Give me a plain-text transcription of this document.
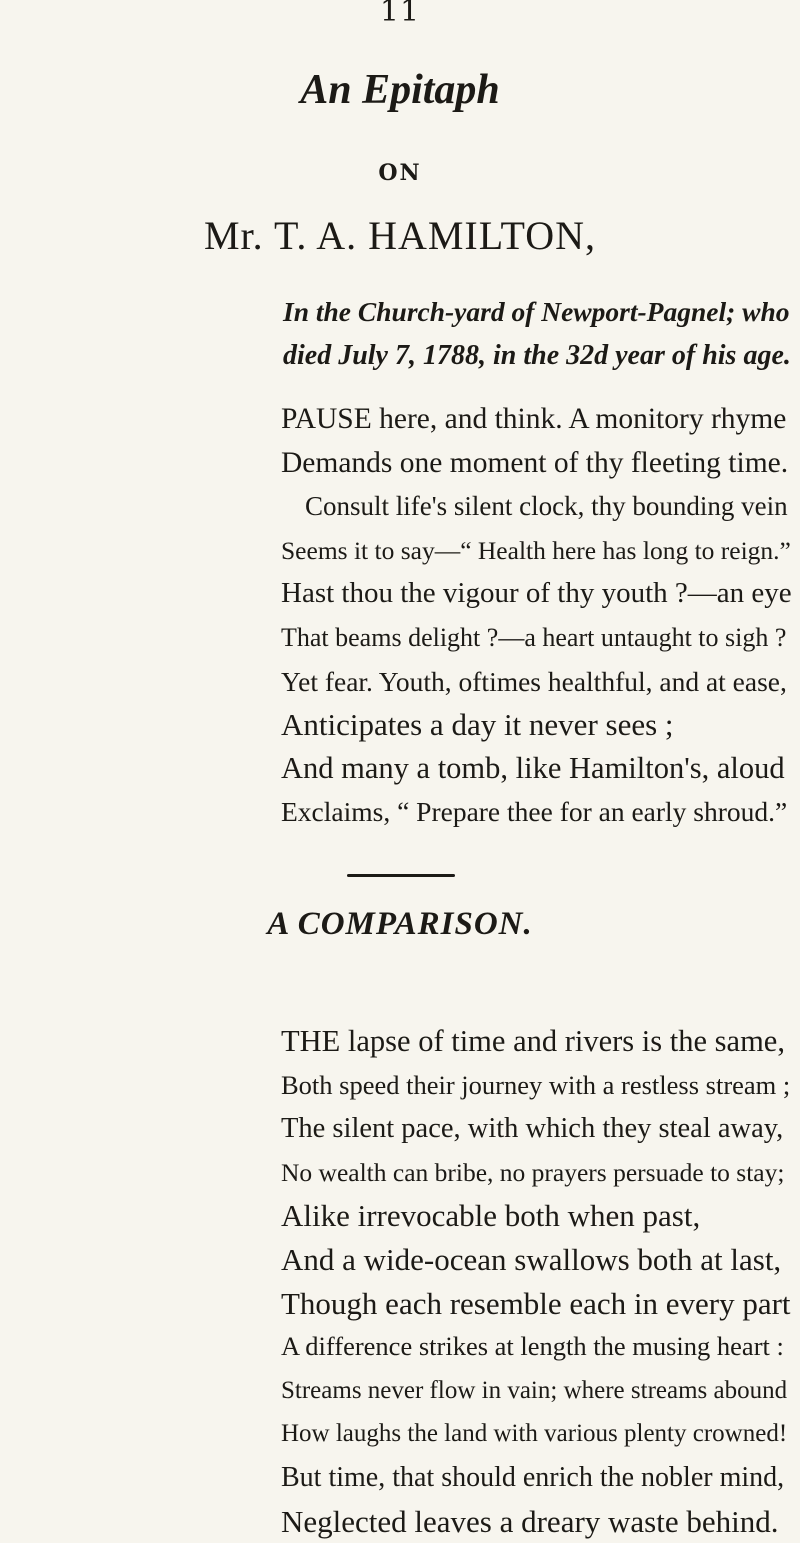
11
An Epitaph
ON
Mr. T. A. HAMILTON,
In the Church-yard of Newport-Pagnel; who
died July 7, 1788, in the 32d year of his age.
PAUSE here, and think. A monitory rhyme
Demands one moment of thy fleeting time.
Consult life's silent clock, thy bounding vein
Seems it to say—“ Health here has long to reign.”
Hast thou the vigour of thy youth ?—an eye
That beams delight ?—a heart untaught to sigh ?
Yet fear. Youth, oftimes healthful, and at ease,
Anticipates a day it never sees ;
And many a tomb, like Hamilton's, aloud
Exclaims, “ Prepare thee for an early shroud.”
A COMPARISON.
THE lapse of time and rivers is the same,
Both speed their journey with a restless stream ;
The silent pace, with which they steal away,
No wealth can bribe, no prayers persuade to stay;
Alike irrevocable both when past,
And a wide-ocean swallows both at last,
Though each resemble each in every part
A difference strikes at length the musing heart :
Streams never flow in vain; where streams abound
How laughs the land with various plenty crowned!
But time, that should enrich the nobler mind,
Neglected leaves a dreary waste behind.
